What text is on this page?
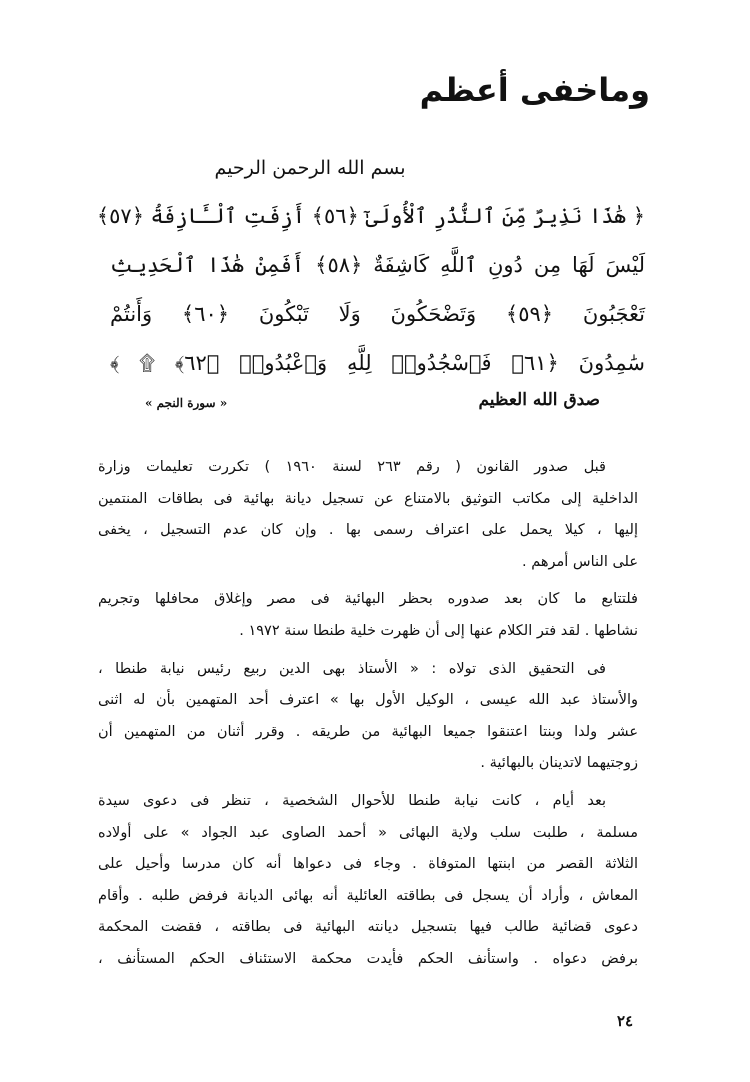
وماخفى أعظم
بسم الله الرحمن الرحيم
﴿ هَٰذَا نَذِيرٌ مِّنَ ٱلنُّذُرِ ٱلْأُولَىٰٓ ﴿٥٦﴾ أَزِفَتِ ٱلْـَٔازِفَةُ ﴿٥٧﴾
لَيْسَ لَهَا مِن دُونِ ٱللَّهِ كَاشِفَةٌ ﴿٥٨﴾ أَفَمِنْ هَٰذَا ٱلْحَدِيثِ
تَعْجَبُونَ ﴿٥٩﴾ وَتَضْحَكُونَ وَلَا تَبْكُونَ ﴿٦٠﴾ وَأَنتُمْ
سَٰمِدُونَ ﴿٦١﴾ فَٱسْجُدُوا۟ لِلَّهِ وَٱعْبُدُوا۟ ﴿٦٢﴾ ۩ ﴾
صدق الله العظيم
« سورة النجم »
قبل صدور القانون ( رقم ٢٦٣ لسنة ١٩٦٠ ) تكررت تعليمات وزارة
الداخلية إلى مكاتب التوثيق بالامتناع عن تسجيل ديانة بهائية فى بطاقات المنتمين
إليها ، كيلا يحمل على اعتراف رسمى بها . وإن كان عدم التسجيل ، يخفى
على الناس أمرهم .
فلتتابع ما كان بعد صدوره بحظر البهائية فى مصر وإغلاق محافلها وتجريم
نشاطها . لقد فتر الكلام عنها إلى أن ظهرت خلية طنطا سنة ١٩٧٢ .
فى التحقيق الذى تولاه : « الأستاذ بهى الدين ربيع رئيس نيابة طنطا ،
والأستاذ عبد الله عيسى ، الوكيل الأول بها » اعترف أحد المتهمين بأن له اثنى
عشر ولدا وبنتا اعتنقوا جميعا البهائية من طريقه . وقرر أثنان من المتهمين أن
زوجتيهما لاتدينان بالبهائية .
بعد أيام ، كانت نيابة طنطا للأحوال الشخصية ، تنظر فى دعوى سيدة
مسلمة ، طلبت سلب ولاية البهائى « أحمد الصاوى عبد الجواد » على أولاده
الثلاثة القصر من ابنتها المتوفاة . وجاء فى دعواها أنه كان مدرسا وأحيل على
المعاش ، وأراد أن يسجل فى بطاقته العائلية أنه بهائى الديانة فرفض طلبه . وأقام
دعوى قضائية طالب فيها بتسجيل ديانته البهائية فى بطاقته ، فقضت المحكمة
برفض دعواه . واستأنف الحكم فأيدت محكمة الاستئناف الحكم المستأنف ،
٢٤
